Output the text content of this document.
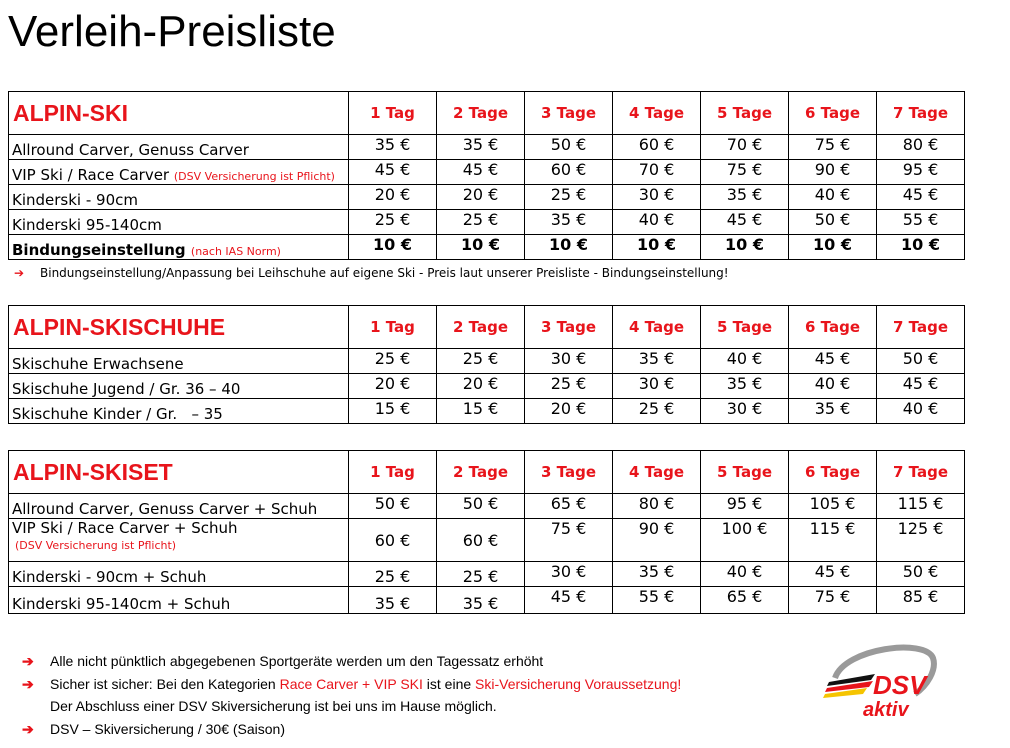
Verleih-Preisliste
ALPIN-SKI	1 Tag	2 Tage	3 Tage	4 Tage	5 Tage	6 Tage	7 Tage
Allround Carver, Genuss Carver	35 €	35 €	50 €	60 €	70 €	75 €	80 €
VIP Ski / Race Carver (DSV Versicherung ist Pflicht)	45 €	45 €	60 €	70 €	75 €	90 €	95 €
Kinderski - 90cm	20 €	20 €	25 €	30 €	35 €	40 €	45 €
Kinderski 95-140cm	25 €	25 €	35 €	40 €	45 €	50 €	55 €
Bindungseinstellung (nach IAS Norm)	10 €	10 €	10 €	10 €	10 €	10 €	10 €
➔ Bindungseinstellung/Anpassung bei Leihschuhe auf eigene Ski - Preis laut unserer Preisliste - Bindungseinstellung!
ALPIN-SKISCHUHE	1 Tag	2 Tage	3 Tage	4 Tage	5 Tage	6 Tage	7 Tage
Skischuhe Erwachsene	25 €	25 €	30 €	35 €	40 €	45 €	50 €
Skischuhe Jugend / Gr. 36 – 40	20 €	20 €	25 €	30 €	35 €	40 €	45 €
Skischuhe Kinder / Gr.   – 35	15 €	15 €	20 €	25 €	30 €	35 €	40 €
ALPIN-SKISET	1 Tag	2 Tage	3 Tage	4 Tage	5 Tage	6 Tage	7 Tage
Allround Carver, Genuss Carver + Schuh	50 €	50 €	65 €	80 €	95 €	105 €	115 €
VIP Ski / Race Carver + Schuh
(DSV Versicherung ist Pflicht)	60 €	60 €	75 €	90 €	100 €	115 €	125 €
Kinderski - 90cm + Schuh	25 €	25 €	30 €	35 €	40 €	45 €	50 €
Kinderski 95-140cm + Schuh	35 €	35 €	45 €	55 €	65 €	75 €	85 €
➔ Alle nicht pünktlich abgegebenen Sportgeräte werden um den Tagessatz erhöht
➔ Sicher ist sicher: Bei den Kategorien Race Carver + VIP SKI ist eine Ski-Versicherung Voraussetzung!
Der Abschluss einer DSV Skiversicherung ist bei uns im Hause möglich.
➔ DSV – Skiversicherung / 30€ (Saison)
DSV
aktiv
